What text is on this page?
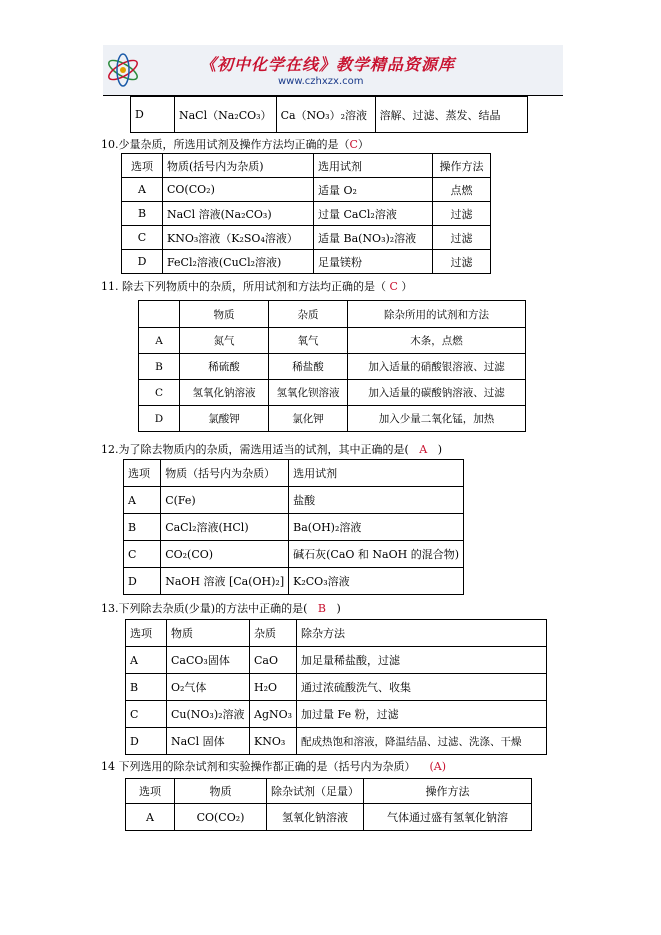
《初中化学在线》教学精品资源库
www.czhxzx.com
D	NaCl（Na₂CO₃）	Ca（NO₃）₂溶液	溶解、过滤、蒸发、结晶
10.少量杂质，所选用试剂及操作方法均正确的是（C）
选项	物质(括号内为杂质)	选用试剂	操作方法
A	CO(CO₂)	适量 O₂	点燃
B	NaCl 溶液(Na₂CO₃)	过量 CaCl₂溶液	过滤
C	KNO₃溶液（K₂SO₄溶液）	适量 Ba(NO₃)₂溶液	过滤
D	FeCl₂溶液(CuCl₂溶液)	足量镁粉	过滤
11. 除去下列物质中的杂质，所用试剂和方法均正确的是（ C ）
	物质	杂质	除杂所用的试剂和方法
A	氮气	氧气	木条，点燃
B	稀硫酸	稀盐酸	加入适量的硝酸银溶液、过滤
C	氢氧化钠溶液	氢氧化钡溶液	加入适量的碳酸钠溶液、过滤
D	氯酸钾	氯化钾	加入少量二氧化锰，加热
12.为了除去物质内的杂质，需选用适当的试剂，其中正确的是( A )
选项	物质（括号内为杂质）	选用试剂
A	C(Fe)	盐酸
B	CaCl₂溶液(HCl)	Ba(OH)₂溶液
C	CO₂(CO)	碱石灰(CaO 和 NaOH 的混合物)
D	NaOH 溶液 [Ca(OH)₂]	K₂CO₃溶液
13.下列除去杂质(少量)的方法中正确的是( B )
选项	物质	杂质	除杂方法
A	CaCO₃固体	CaO	加足量稀盐酸，过滤
B	O₂气体	H₂O	通过浓硫酸洗气、收集
C	Cu(NO₃)₂溶液	AgNO₃	加过量 Fe 粉，过滤
D	NaCl 固体	KNO₃	配成热饱和溶液，降温结晶、过滤、洗涤、干燥
14 下列选用的除杂试剂和实验操作都正确的是（括号内为杂质） (A)
选项	物质	除杂试剂（足量）	操作方法
A	CO(CO₂)	氢氧化钠溶液	气体通过盛有氢氧化钠溶
